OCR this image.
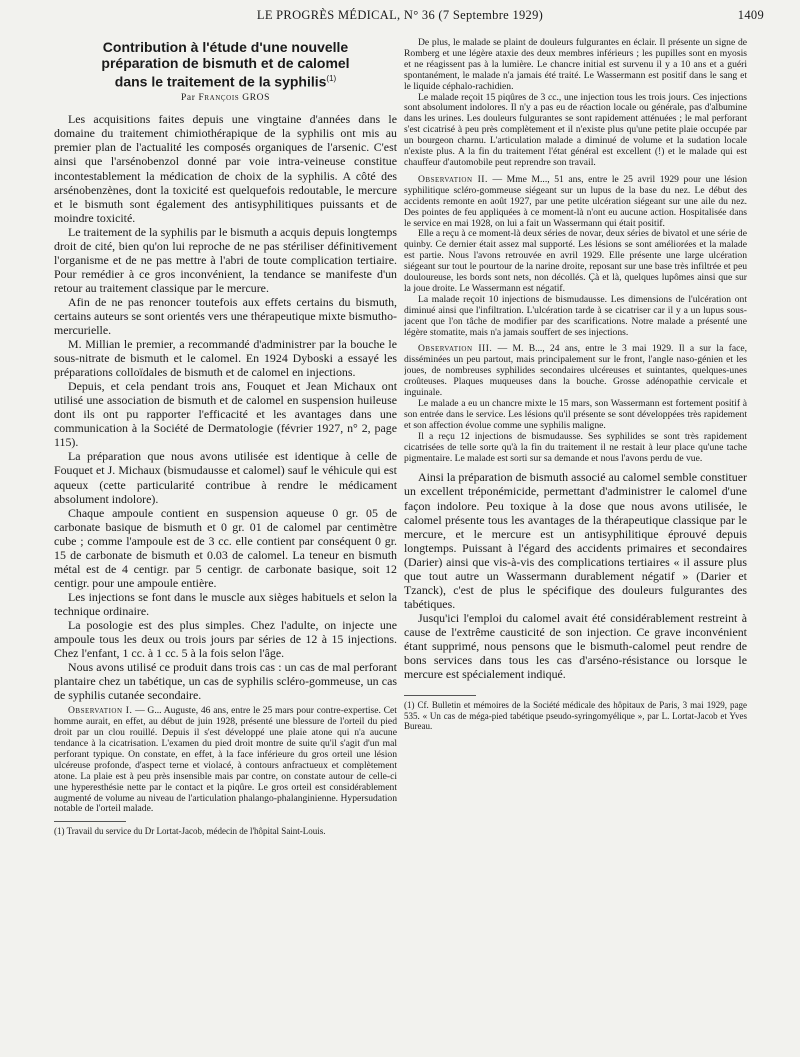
LE PROGRÈS MÉDICAL, N° 36 (7 Septembre 1929)	1409
Contribution à l'étude d'une nouvelle
préparation de bismuth et de calomel
dans le traitement de la syphilis$^{(1)}$
Par François GROS

Les acquisitions faites depuis une vingtaine d'années dans le domaine du traitement chimiothérapique de la syphilis ont mis au premier plan de l'actualité les composés organiques de l'arsenic. C'est ainsi que l'arsénobenzol donné par voie intra-veineuse constitue incontestablement la médication de choix de la syphilis. A côté des arsénobenzènes, dont la toxicité est quelquefois redoutable, le mercure et le bismuth sont également des antisyphilitiques puissants et de moindre toxicité.

Le traitement de la syphilis par le bismuth a acquis depuis longtemps droit de cité, bien qu'on lui reproche de ne pas stériliser définitivement l'organisme et de ne pas mettre à l'abri de toute complication tertiaire. Pour remédier à ce gros inconvénient, la tendance se manifeste d'un retour au traitement classique par le mercure.

Afin de ne pas renoncer toutefois aux effets certains du bismuth, certains auteurs se sont orientés vers une thérapeutique mixte bismutho-mercurielle.

M. Millian le premier, a recommandé d'administrer par la bouche le sous-nitrate de bismuth et le calomel. En 1924 Dyboski a essayé les préparations colloïdales de bismuth et de calomel en injections.

Depuis, et cela pendant trois ans, Fouquet et Jean Michaux ont utilisé une association de bismuth et de calomel en suspension huileuse dont ils ont pu rapporter l'efficacité et les avantages dans une communication à la Société de Dermatologie (février 1927, n° 2, page 115).

La préparation que nous avons utilisée est identique à celle de Fouquet et J. Michaux (bismudausse et calomel) sauf le véhicule qui est aqueux (cette particularité contribue à rendre le médicament absolument indolore).

Chaque ampoule contient en suspension aqueuse 0 gr. 05 de carbonate basique de bismuth et 0 gr. 01 de calomel par centimètre cube ; comme l'ampoule est de 3 cc. elle contient par conséquent 0 gr. 15 de carbonate de bismuth et 0.03 de calomel. La teneur en bismuth métal est de 4 centigr. par 5 centigr. de carbonate basique, soit 12 centigr. pour une ampoule entière.

Les injections se font dans le muscle aux sièges habituels et selon la technique ordinaire.

La posologie est des plus simples. Chez l'adulte, on injecte une ampoule tous les deux ou trois jours par séries de 12 à 15 injections. Chez l'enfant, 1 cc. à 1 cc. 5 à la fois selon l'âge.

Nous avons utilisé ce produit dans trois cas : un cas de mal perforant plantaire chez un tabétique, un cas de syphilis scléro-gommeuse, un cas de syphilis cutanée secondaire.

Observation I. — G... Auguste, 46 ans, entre le 25 mars pour contre-expertise. Cet homme aurait, en effet, au début de juin 1928, présenté une blessure de l'orteil du pied droit par un clou rouillé. Depuis il s'est développé une plaie atone qui n'a aucune tendance à la cicatrisation. L'examen du pied droit montre de suite qu'il s'agit d'un mal perforant typique. On constate, en effet, à la face inférieure du gros orteil une lésion ulcéreuse profonde, d'aspect terne et violacé, à contours anfractueux et complètement atone. La plaie est à peu près insensible mais par contre, on constate autour de celle-ci une hyperesthésie nette par le contact et la piqûre. Le gros orteil est considérablement augmenté de volume au niveau de l'articulation phalango-phalanginienne. Hypersudation notable de l'orteil malade.

(1) Travail du service du Dr Lortat-Jacob, médecin de l'hôpital Saint-Louis.

De plus, le malade se plaint de douleurs fulgurantes en éclair. Il présente un signe de Romberg et une légère ataxie des deux membres inférieurs ; les pupilles sont en myosis et ne réagissent pas à la lumière. Le chancre initial est survenu il y a 10 ans et a guéri spontanément, le malade n'a jamais été traité. Le Wassermann est positif dans le sang et le liquide céphalo-rachidien.

Le malade reçoit 15 piqûres de 3 cc., une injection tous les trois jours. Ces injections sont absolument indolores. Il n'y a pas eu de réaction locale ou générale, pas d'albumine dans les urines. Les douleurs fulgurantes se sont rapidement atténuées ; le mal perforant s'est cicatrisé à peu près complètement et il n'existe plus qu'une petite plaie occupée par un bourgeon charnu. L'articulation malade a diminué de volume et la sudation locale n'existe plus. A la fin du traitement l'état général est excellent (!) et le malade qui est chauffeur d'automobile peut reprendre son travail.

Observation II. — Mme M..., 51 ans, entre le 25 avril 1929 pour une lésion syphilitique scléro-gommeuse siégeant sur un lupus de la base du nez. Le début des accidents remonte en août 1927, par une petite ulcération siégeant sur une aile du nez. Des pointes de feu appliquées à ce moment-là n'ont eu aucune action. Hospitalisée dans le service en mai 1928, on lui a fait un Wassermann qui était positif.

Elle a reçu à ce moment-là deux séries de novar, deux séries de bivatol et une série de quinby. Ce dernier était assez mal supporté. Les lésions se sont améliorées et la malade est partie. Nous l'avons retrouvée en avril 1929. Elle présente une large ulcération siégeant sur tout le pourtour de la narine droite, reposant sur une base très infiltrée et peu douloureuse, les bords sont nets, non décollés. Çà et là, quelques lupômes ainsi que sur la joue droite. Le Wassermann est négatif.

La malade reçoit 10 injections de bismudausse. Les dimensions de l'ulcération ont diminué ainsi que l'infiltration. L'ulcération tarde à se cicatriser car il y a un lupus sous-jacent que l'on tâche de modifier par des scarifications. Notre malade a présenté une légère stomatite, mais n'a jamais souffert de ses injections.

Observation III. — M. B..., 24 ans, entre le 3 mai 1929. Il a sur la face, disséminées un peu partout, mais principalement sur le front, l'angle naso-génien et les joues, de nombreuses syphilides secondaires ulcéreuses et suintantes, quelques-unes croûteuses. Plaques muqueuses dans la bouche. Grosse adénopathie cervicale et inguinale.

Le malade a eu un chancre mixte le 15 mars, son Wassermann est fortement positif à son entrée dans le service. Les lésions qu'il présente se sont développées très rapidement et son affection évolue comme une syphilis maligne.

Il a reçu 12 injections de bismudausse. Ses syphilides se sont très rapidement cicatrisées de telle sorte qu'à la fin du traitement il ne restait à leur place qu'une tache pigmentaire. Le malade est sorti sur sa demande et nous l'avons perdu de vue.

Ainsi la préparation de bismuth associé au calomel semble constituer un excellent tréponémicide, permettant d'administrer le calomel d'une façon indolore. Peu toxique à la dose que nous avons utilisée, le calomel présente tous les avantages de la thérapeutique classique par le mercure, et le mercure est un antisyphilitique éprouvé depuis longtemps. Puissant à l'égard des accidents primaires et secondaires (Darier) ainsi que vis-à-vis des complications tertiaires « il assure plus que tout autre un Wassermann durablement négatif » (Darier et Tzanck), c'est de plus le spécifique des douleurs fulgurantes des tabétiques.

Jusqu'ici l'emploi du calomel avait été considérablement restreint à cause de l'extrême causticité de son injection. Ce grave inconvénient étant supprimé, nous pensons que le bismuth-calomel peut rendre de bons services dans tous les cas d'arséno-résistance ou lorsque le mercure est spécialement indiqué.

(1) Cf. Bulletin et mémoires de la Société médicale des hôpitaux de Paris, 3 mai 1929, page 535. « Un cas de méga-pied tabétique pseudo-syringomyélique », par L. Lortat-Jacob et Yves Bureau.
